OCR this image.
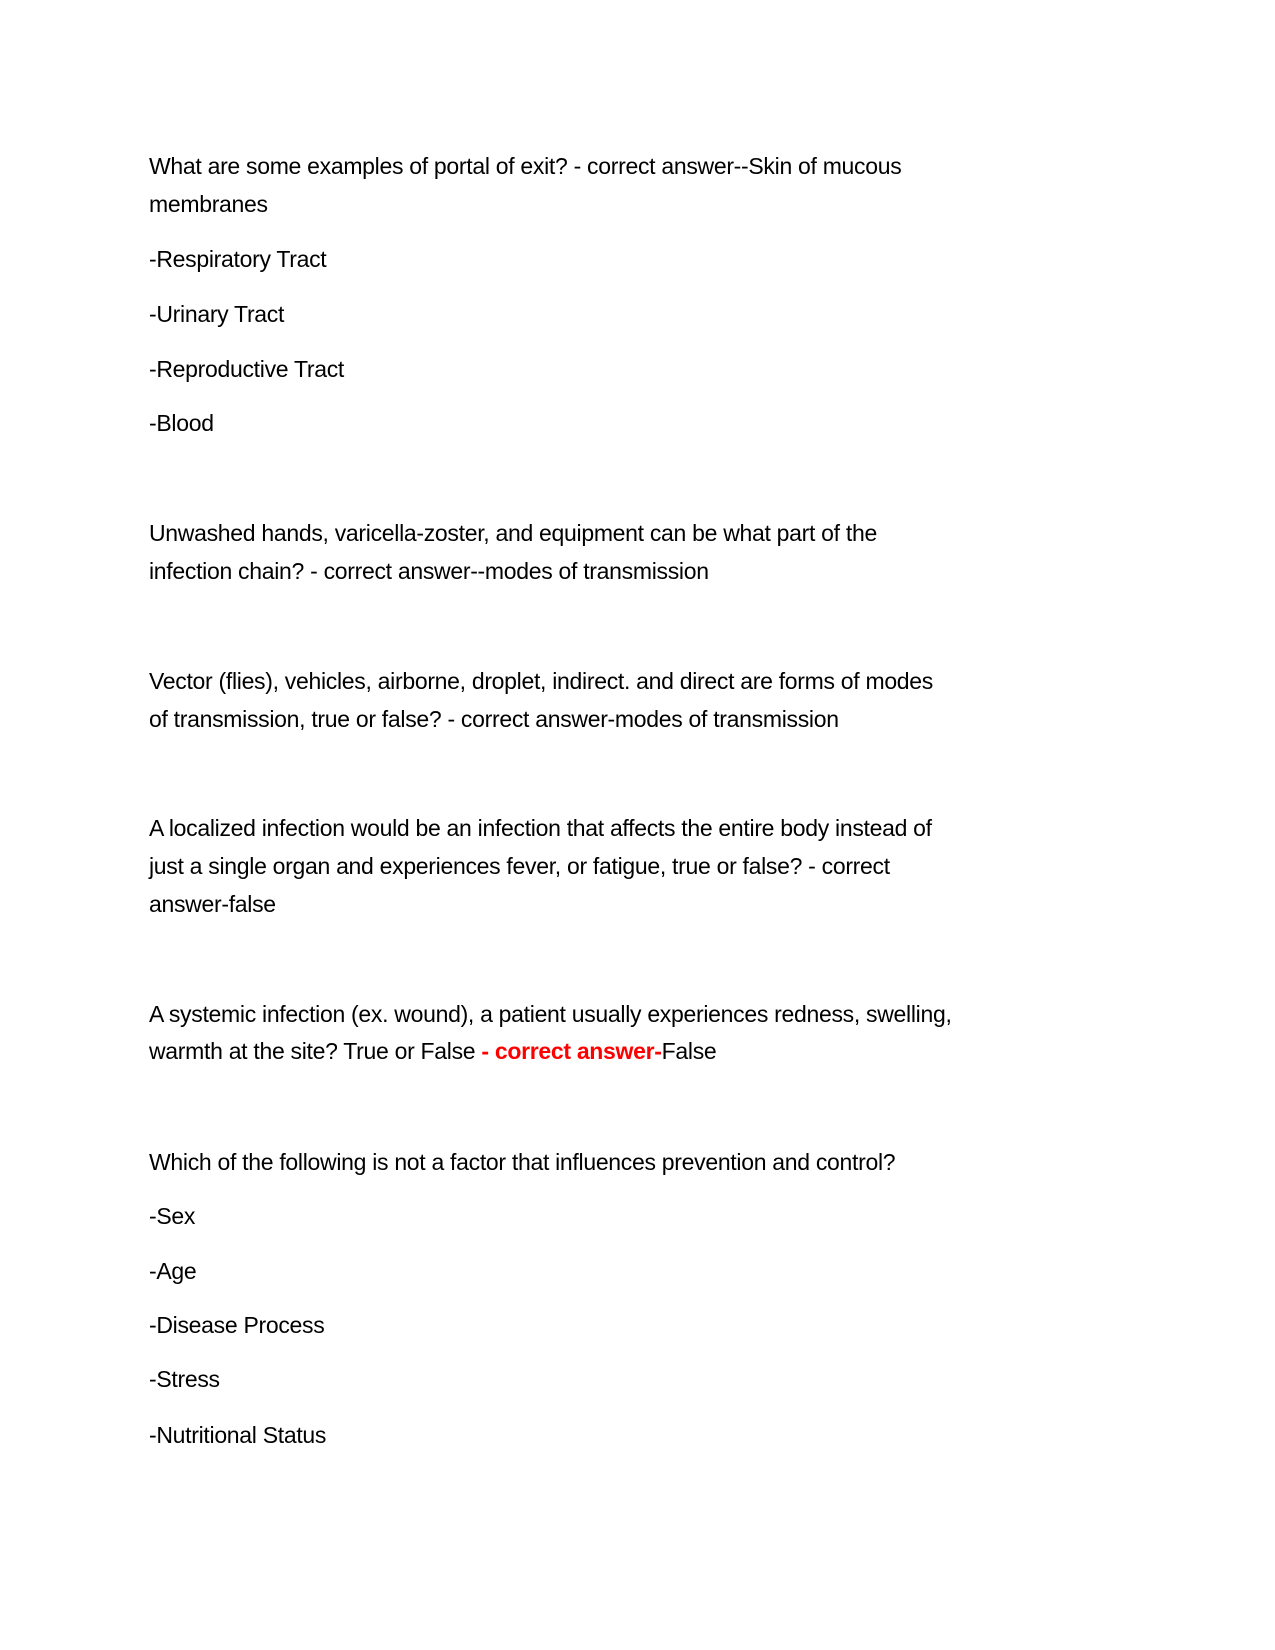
What are some examples of portal of exit? - correct answer--Skin of mucous
membranes
-Respiratory Tract
-Urinary Tract
-Reproductive Tract
-Blood
Unwashed hands, varicella-zoster, and equipment can be what part of the
infection chain? - correct answer--modes of transmission
Vector (flies), vehicles, airborne, droplet, indirect. and direct are forms of modes
of transmission, true or false? - correct answer-modes of transmission
A localized infection would be an infection that affects the entire body instead of
just a single organ and experiences fever, or fatigue, true or false? - correct
answer-false
A systemic infection (ex. wound), a patient usually experiences redness, swelling,
warmth at the site? True or False - correct answer-False
Which of the following is not a factor that influences prevention and control?
-Sex
-Age
-Disease Process
-Stress
-Nutritional Status
